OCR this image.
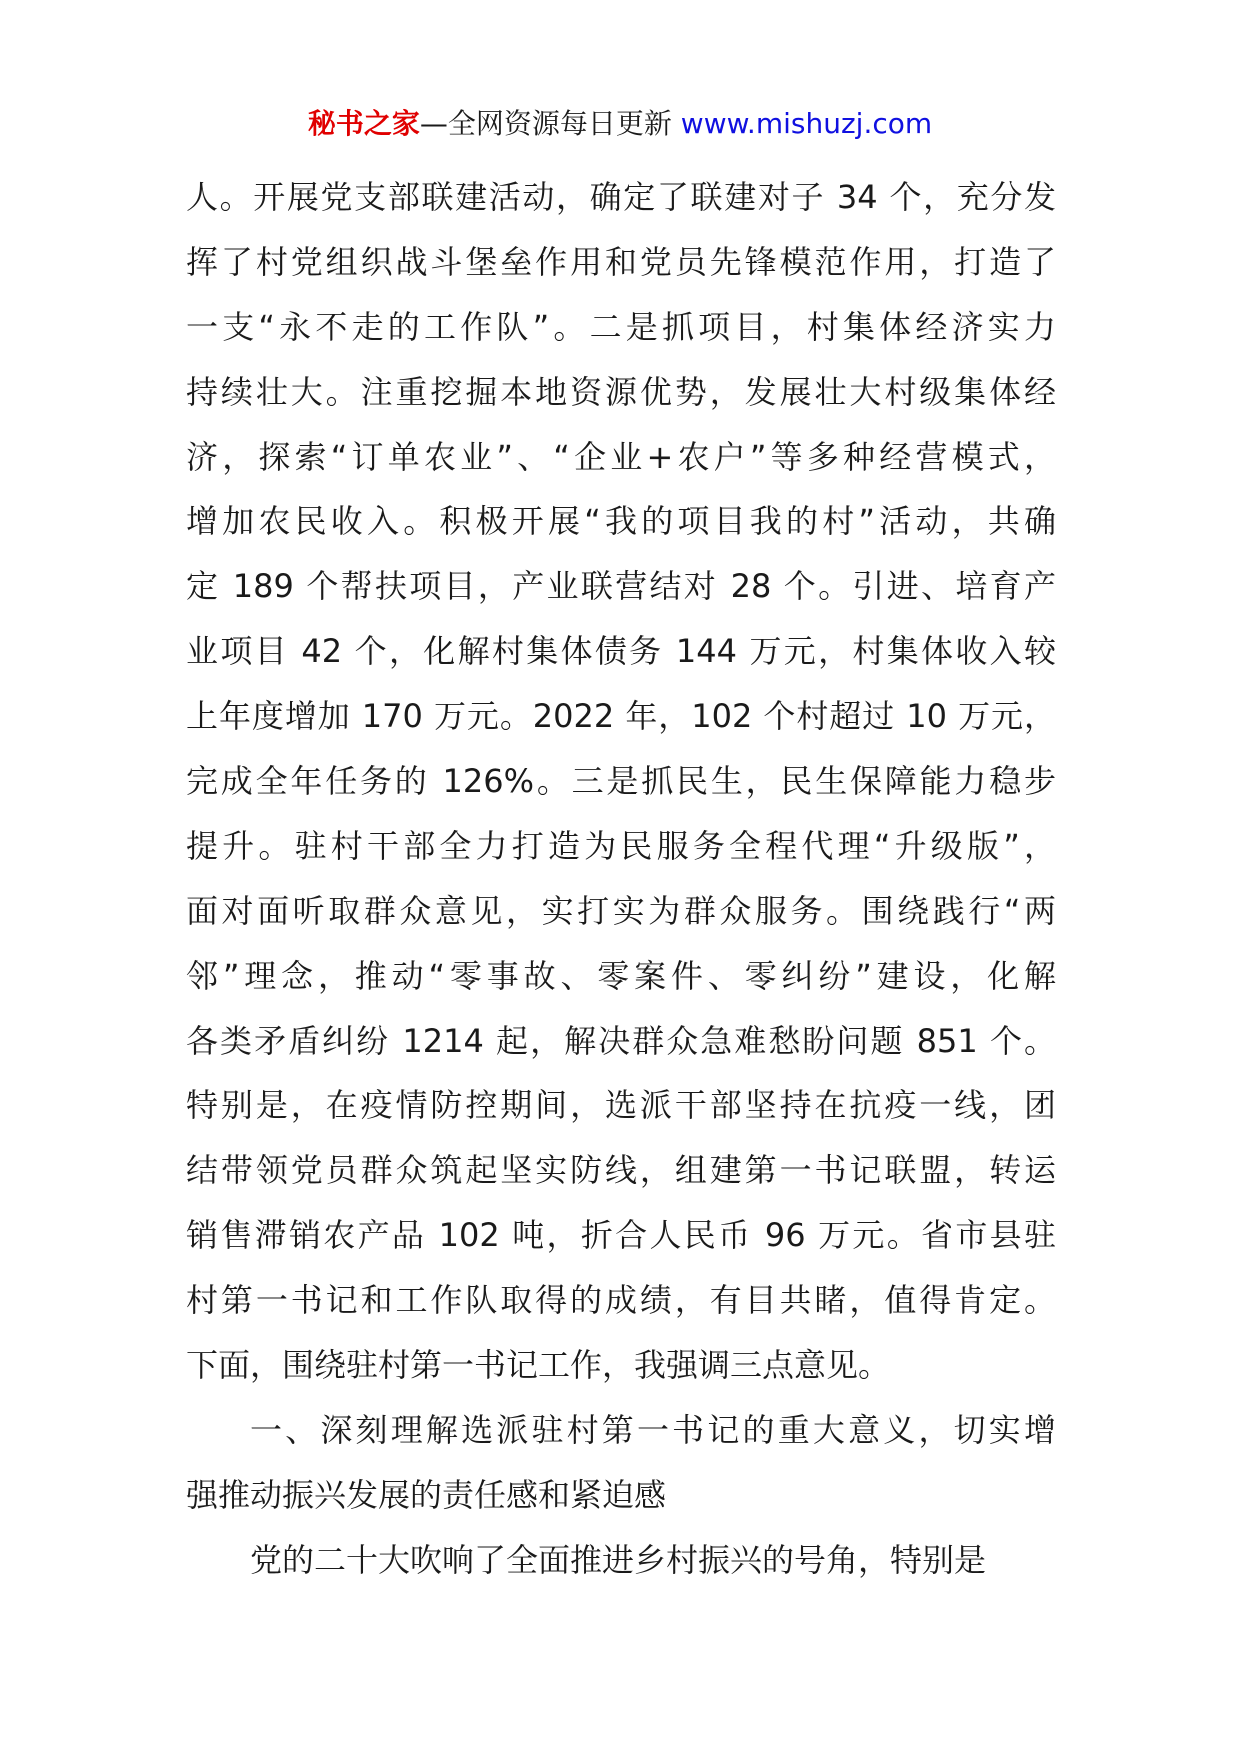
秘书之家—全网资源每日更新 www.mishuzj.com
人。开展党支部联建活动，确定了联建对子 34 个，充分发
挥了村党组织战斗堡垒作用和党员先锋模范作用，打造了
一支“永不走的工作队”。二是抓项目，村集体经济实力
持续壮大。注重挖掘本地资源优势，发展壮大村级集体经
济，探索“订单农业”、“企业+农户”等多种经营模式，
增加农民收入。积极开展“我的项目我的村”活动，共确
定 189 个帮扶项目，产业联营结对 28 个。引进、培育产
业项目 42 个，化解村集体债务 144 万元，村集体收入较
上年度增加 170 万元。2022 年，102 个村超过 10 万元，
完成全年任务的 126%。三是抓民生，民生保障能力稳步
提升。驻村干部全力打造为民服务全程代理“升级版”，
面对面听取群众意见，实打实为群众服务。围绕践行“两
邻”理念，推动“零事故、零案件、零纠纷”建设，化解
各类矛盾纠纷 1214 起，解决群众急难愁盼问题 851 个。
特别是，在疫情防控期间，选派干部坚持在抗疫一线，团
结带领党员群众筑起坚实防线，组建第一书记联盟，转运
销售滞销农产品 102 吨，折合人民币 96 万元。省市县驻
村第一书记和工作队取得的成绩，有目共睹，值得肯定。
下面，围绕驻村第一书记工作，我强调三点意见。
一、深刻理解选派驻村第一书记的重大意义，切实增
强推动振兴发展的责任感和紧迫感
党的二十大吹响了全面推进乡村振兴的号角，特别是
